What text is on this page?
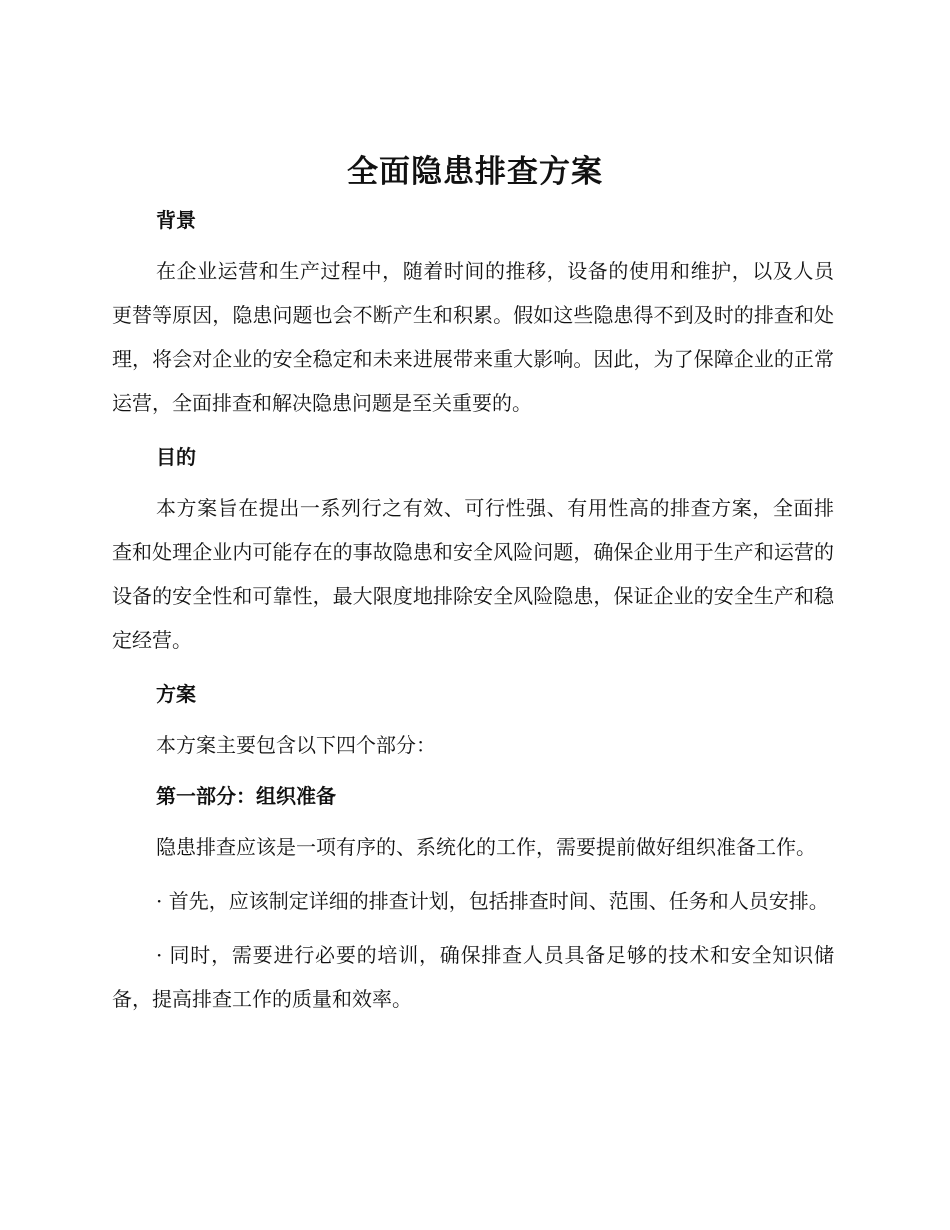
全面隐患排查方案

背景

在企业运营和生产过程中，随着时间的推移，设备的使用和维护，以及人员更替等原因，隐患问题也会不断产生和积累。假如这些隐患得不到及时的排查和处理，将会对企业的安全稳定和未来进展带来重大影响。因此，为了保障企业的正常运营，全面排查和解决隐患问题是至关重要的。

目的

本方案旨在提出一系列行之有效、可行性强、有用性高的排查方案，全面排查和处理企业内可能存在的事故隐患和安全风险问题，确保企业用于生产和运营的设备的安全性和可靠性，最大限度地排除安全风险隐患，保证企业的安全生产和稳定经营。

方案

本方案主要包含以下四个部分：

第一部分：组织准备

隐患排查应该是一项有序的、系统化的工作，需要提前做好组织准备工作。

· 首先，应该制定详细的排查计划，包括排查时间、范围、任务和人员安排。

· 同时，需要进行必要的培训，确保排查人员具备足够的技术和安全知识储备，提高排查工作的质量和效率。
